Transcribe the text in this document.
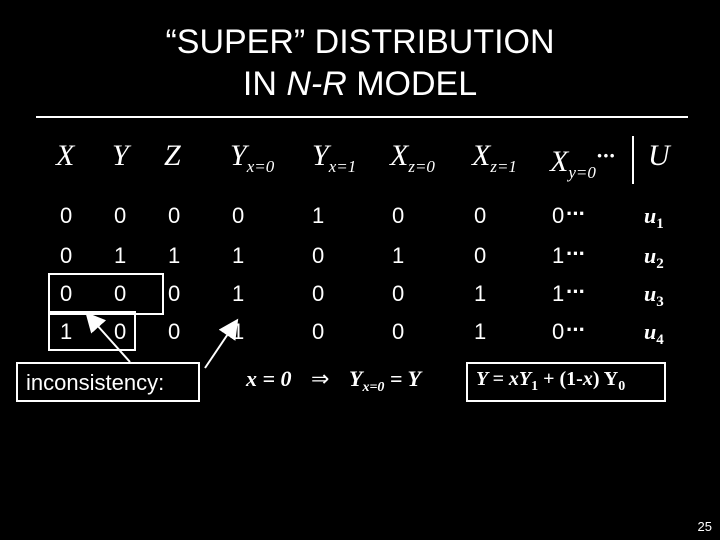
“SUPER” DISTRIBUTION
IN N-R MODEL
X Y Z $Y_{x=0}$ $Y_{x=1}$ $X_{z=0}$ $X_{z=1}$ $X_{y=0}^{\cdot\cdot\cdot}$ U
0 0 0 0	1	0	0	0 ···	$u_1$
0 1 1 1	0	1	0	1 ···	$u_2$
0 0 0 1	0	0	1	1 ···	$u_3$
1 0 0 1	0	0	1	0 ···	$u_4$
inconsistency:	x = 0 ⇒ $Y_{x=0} = Y$	$Y = xY_1 + (1-x)$ $Y_0$
25
